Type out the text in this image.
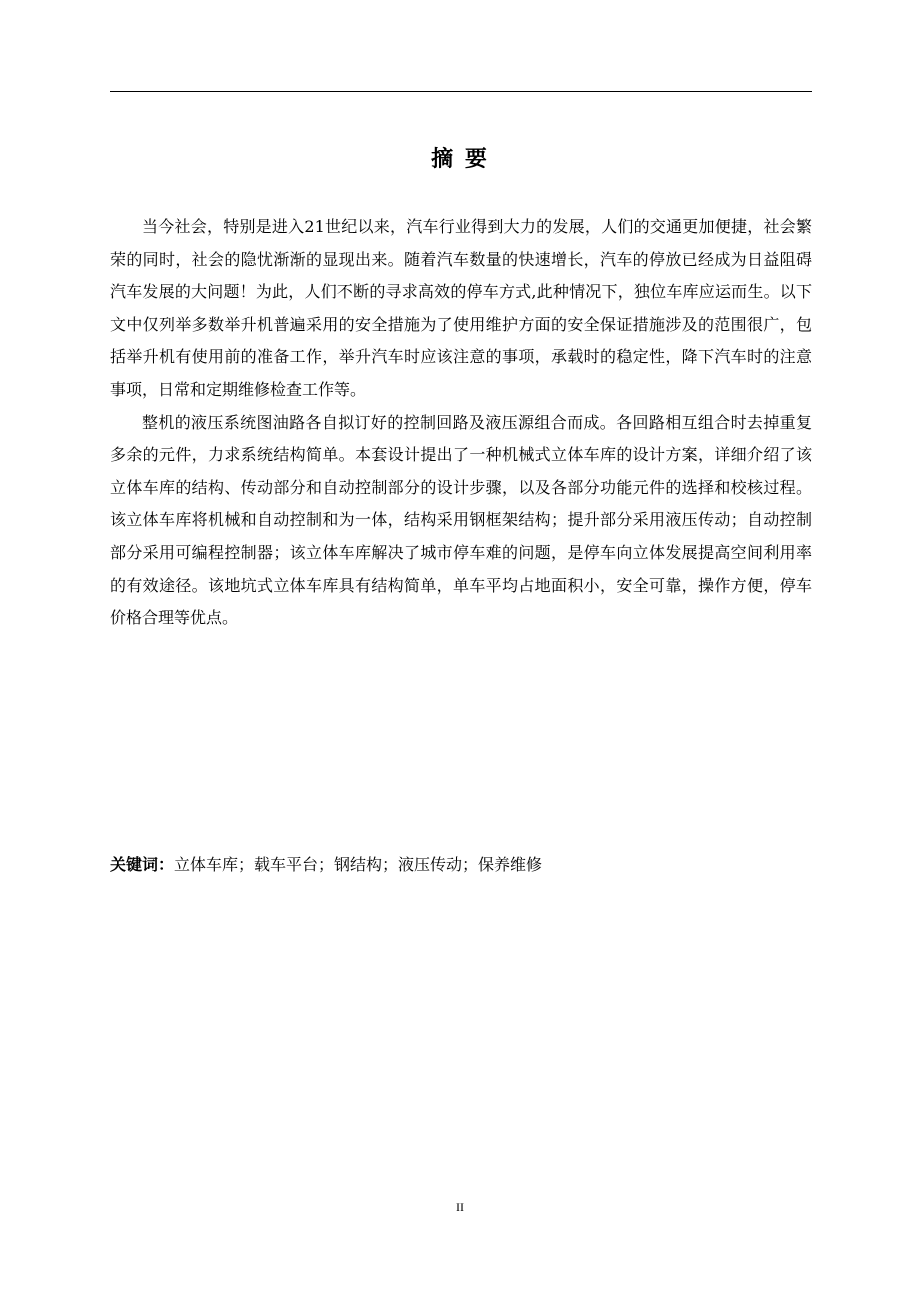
摘 要

当今社会，特别是进入21世纪以来，汽车行业得到大力的发展，人们的交通更加便捷，社会繁荣的同时，社会的隐忧渐渐的显现出来。随着汽车数量的快速增长，汽车的停放已经成为日益阻碍汽车发展的大问题！为此，人们不断的寻求高效的停车方式,此种情况下，独位车库应运而生。以下文中仅列举多数举升机普遍采用的安全措施为了使用维护方面的安全保证措施涉及的范围很广，包括举升机有使用前的准备工作，举升汽车时应该注意的事项，承载时的稳定性，降下汽车时的注意事项，日常和定期维修检查工作等。

整机的液压系统图油路各自拟订好的控制回路及液压源组合而成。各回路相互组合时去掉重复多余的元件，力求系统结构简单。本套设计提出了一种机械式立体车库的设计方案，详细介绍了该立体车库的结构、传动部分和自动控制部分的设计步骤，以及各部分功能元件的选择和校核过程。该立体车库将机械和自动控制和为一体，结构采用钢框架结构；提升部分采用液压传动；自动控制部分采用可编程控制器；该立体车库解决了城市停车难的问题，是停车向立体发展提高空间利用率的有效途径。该地坑式立体车库具有结构简单，单车平均占地面积小，安全可靠，操作方便，停车价格合理等优点。

关键词：立体车库；载车平台；钢结构；液压传动；保养维修

II
